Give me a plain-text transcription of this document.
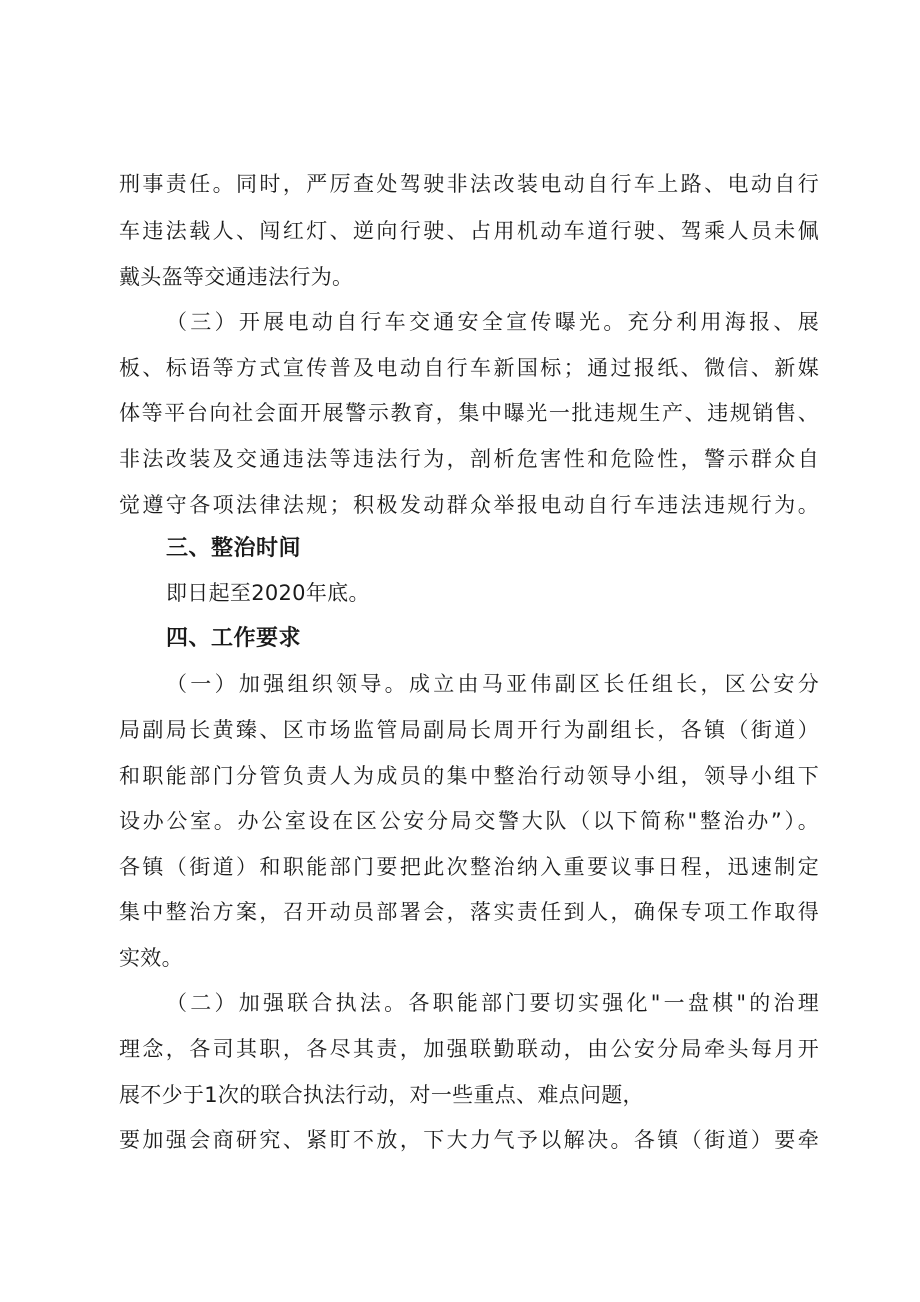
刑事责任。同时，严厉查处驾驶非法改装电动自行车上路、电动自行
车违法载人、闯红灯、逆向行驶、占用机动车道行驶、驾乘人员未佩
戴头盔等交通违法行为。
（三）开展电动自行车交通安全宣传曝光。充分利用海报、展
板、标语等方式宣传普及电动自行车新国标；通过报纸、微信、新媒
体等平台向社会面开展警示教育，集中曝光一批违规生产、违规销售、
非法改装及交通违法等违法行为，剖析危害性和危险性，警示群众自
觉遵守各项法律法规；积极发动群众举报电动自行车违法违规行为。
三、整治时间
即日起至2020年底。
四、工作要求
（一）加强组织领导。成立由马亚伟副区长任组长，区公安分
局副局长黄臻、区市场监管局副局长周开行为副组长，各镇（街道）
和职能部门分管负责人为成员的集中整治行动领导小组，领导小组下
设办公室。办公室设在区公安分局交警大队（以下简称"整治办”）。
各镇（街道）和职能部门要把此次整治纳入重要议事日程，迅速制定
集中整治方案，召开动员部署会，落实责任到人，确保专项工作取得
实效。
（二）加强联合执法。各职能部门要切实强化"一盘棋"的治理
理念，各司其职，各尽其责，加强联勤联动，由公安分局牵头每月开
展不少于1次的联合执法行动，对一些重点、难点问题，
要加强会商研究、紧盯不放，下大力气予以解决。各镇（街道）要牵
